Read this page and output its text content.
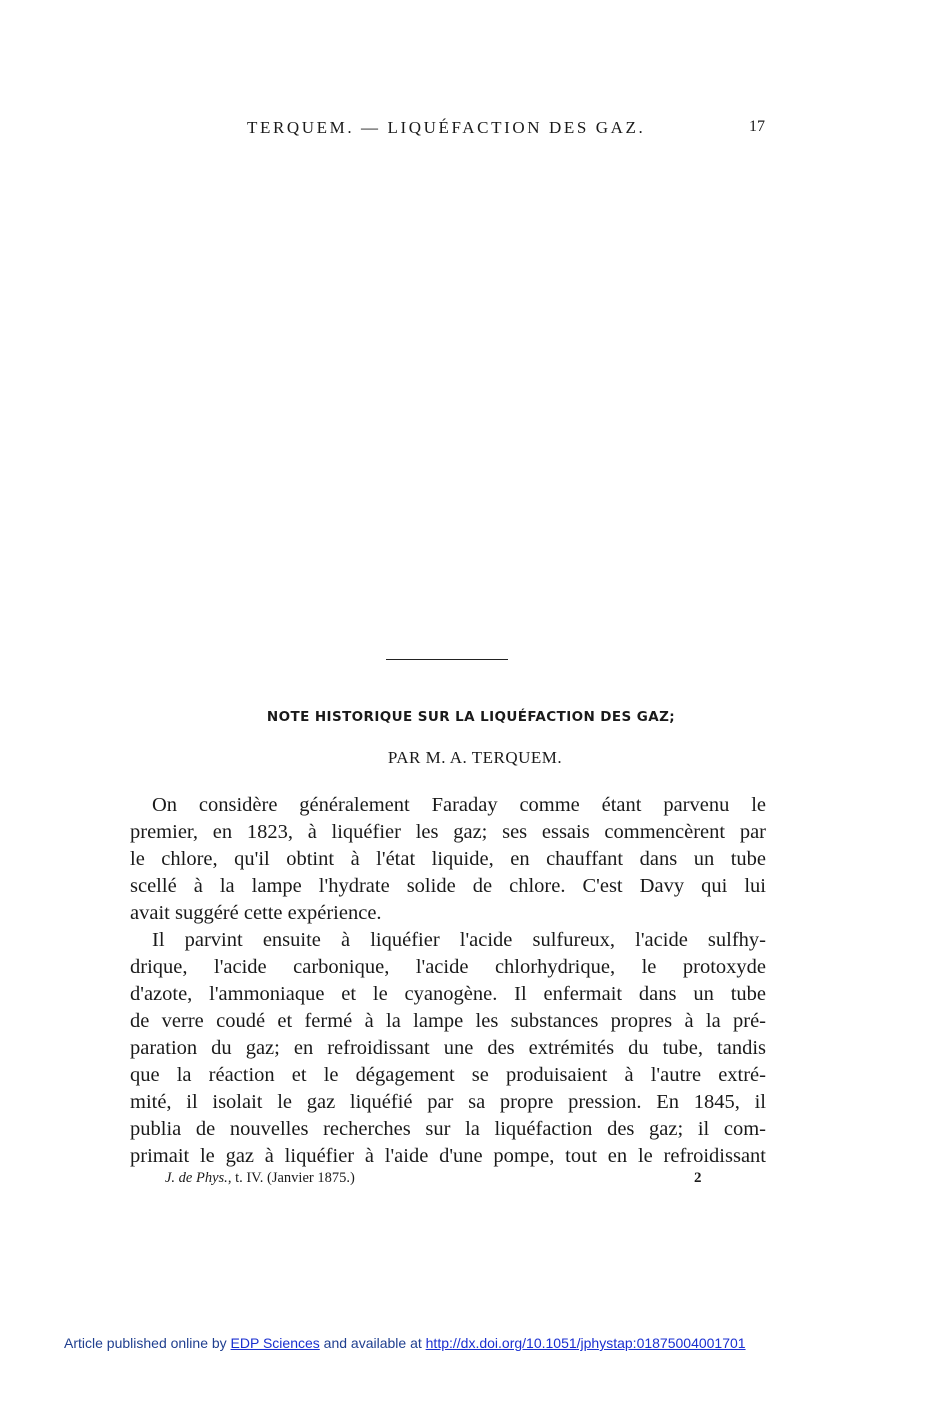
TERQUEM. — LIQUÉFACTION DES GAZ.	17
NOTE HISTORIQUE SUR LA LIQUÉFACTION DES GAZ;
PAR M. A. TERQUEM.
On considère généralement Faraday comme étant parvenu le
premier, en 1823, à liquéfier les gaz; ses essais commencèrent par
le chlore, qu'il obtint à l'état liquide, en chauffant dans un tube
scellé à la lampe l'hydrate solide de chlore. C'est Davy qui lui
avait suggéré cette expérience.
Il parvint ensuite à liquéfier l'acide sulfureux, l'acide sulfhy-
drique, l'acide carbonique, l'acide chlorhydrique, le protoxyde
d'azote, l'ammoniaque et le cyanogène. Il enfermait dans un tube
de verre coudé et fermé à la lampe les substances propres à la pré-
paration du gaz; en refroidissant une des extrémités du tube, tandis
que la réaction et le dégagement se produisaient à l'autre extré-
mité, il isolait le gaz liquéfié par sa propre pression. En 1845, il
publia de nouvelles recherches sur la liquéfaction des gaz; il com-
primait le gaz à liquéfier à l'aide d'une pompe, tout en le refroidissant
J. de Phys., t. IV. (Janvier 1875.)	2
Article published online by EDP Sciences and available at http://dx.doi.org/10.1051/jphystap:01875004001701
